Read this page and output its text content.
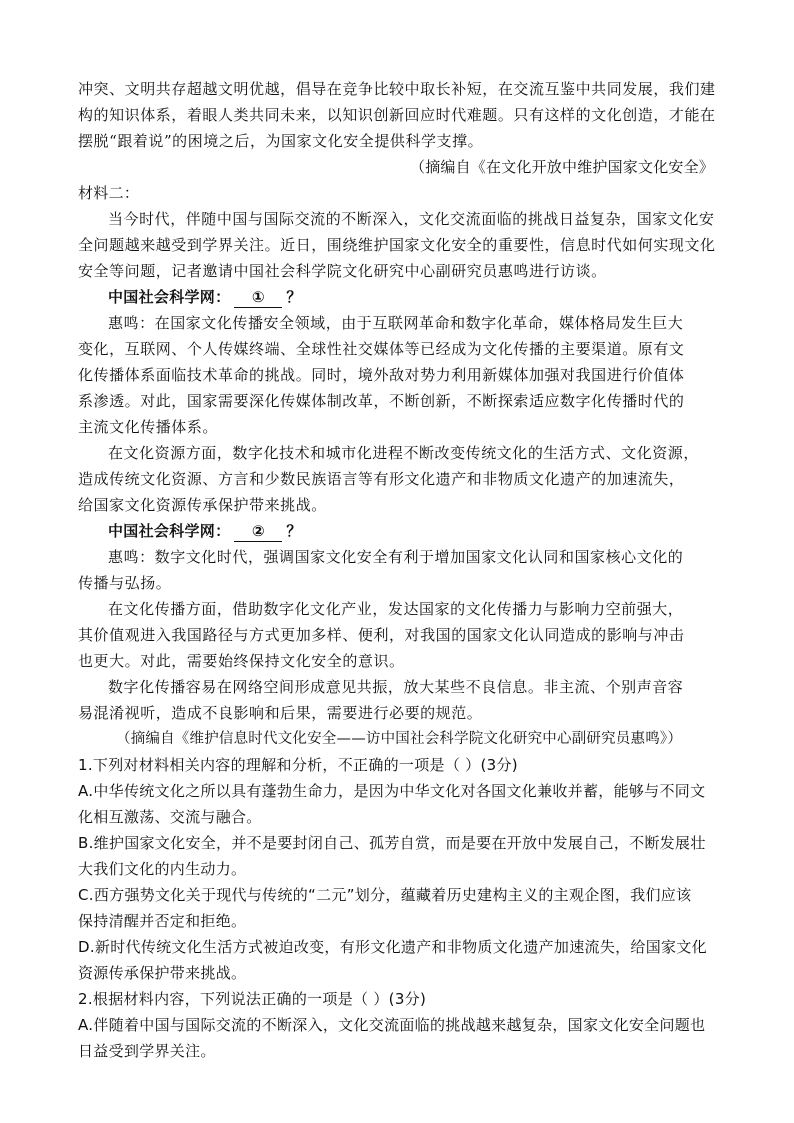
冲突、文明共存超越文明优越，倡导在竞争比较中取长补短，在交流互鉴中共同发展，我们建
构的知识体系，着眼人类共同未来，以知识创新回应时代难题。只有这样的文化创造，才能在
摆脱“跟着说”的困境之后，为国家文化安全提供科学支撑。
（摘编自《在文化开放中维护国家文化安全》
材料二：
当今时代，伴随中国与国际交流的不断深入，文化交流面临的挑战日益复杂，国家文化安
全问题越来越受到学界关注。近日，围绕维护国家文化安全的重要性，信息时代如何实现文化
安全等问题，记者邀请中国社会科学院文化研究中心副研究员惠鸣进行访谈。
中国社会科学网： ① ？
惠鸣：在国家文化传播安全领域，由于互联网革命和数字化革命，媒体格局发生巨大
变化，互联网、个人传媒终端、全球性社交媒体等已经成为文化传播的主要渠道。原有文
化传播体系面临技术革命的挑战。同时，境外敌对势力利用新媒体加强对我国进行价值体
系渗透。对此，国家需要深化传媒体制改革，不断创新，不断探索适应数字化传播时代的
主流文化传播体系。
在文化资源方面，数字化技术和城市化进程不断改变传统文化的生活方式、文化资源，
造成传统文化资源、方言和少数民族语言等有形文化遗产和非物质文化遗产的加速流失，
给国家文化资源传承保护带来挑战。
中国社会科学网： ② ？
惠鸣：数字文化时代，强调国家文化安全有利于增加国家文化认同和国家核心文化的
传播与弘扬。
在文化传播方面，借助数字化文化产业，发达国家的文化传播力与影响力空前强大，
其价值观进入我国路径与方式更加多样、便利，对我国的国家文化认同造成的影响与冲击
也更大。对此，需要始终保持文化安全的意识。
数字化传播容易在网络空间形成意见共振，放大某些不良信息。非主流、个别声音容
易混淆视听，造成不良影响和后果，需要进行必要的规范。
（摘编自《维护信息时代文化安全——访中国社会科学院文化研究中心副研究员惠鸣》）
1.下列对材料相关内容的理解和分析，不正确的一项是（ ）(3分)
A.中华传统文化之所以具有蓬勃生命力，是因为中华文化对各国文化兼收并蓄，能够与不同文
化相互激荡、交流与融合。
B.维护国家文化安全，并不是要封闭自己、孤芳自赏，而是要在开放中发展自己，不断发展壮
大我们文化的内生动力。
C.西方强势文化关于现代与传统的“二元”划分，蕴藏着历史建构主义的主观企图，我们应该
保持清醒并否定和拒绝。
D.新时代传统文化生活方式被迫改变，有形文化遗产和非物质文化遗产加速流失，给国家文化
资源传承保护带来挑战。
2.根据材料内容，下列说法正确的一项是（ ）(3分)
A.伴随着中国与国际交流的不断深入，文化交流面临的挑战越来越复杂，国家文化安全问题也
日益受到学界关注。
